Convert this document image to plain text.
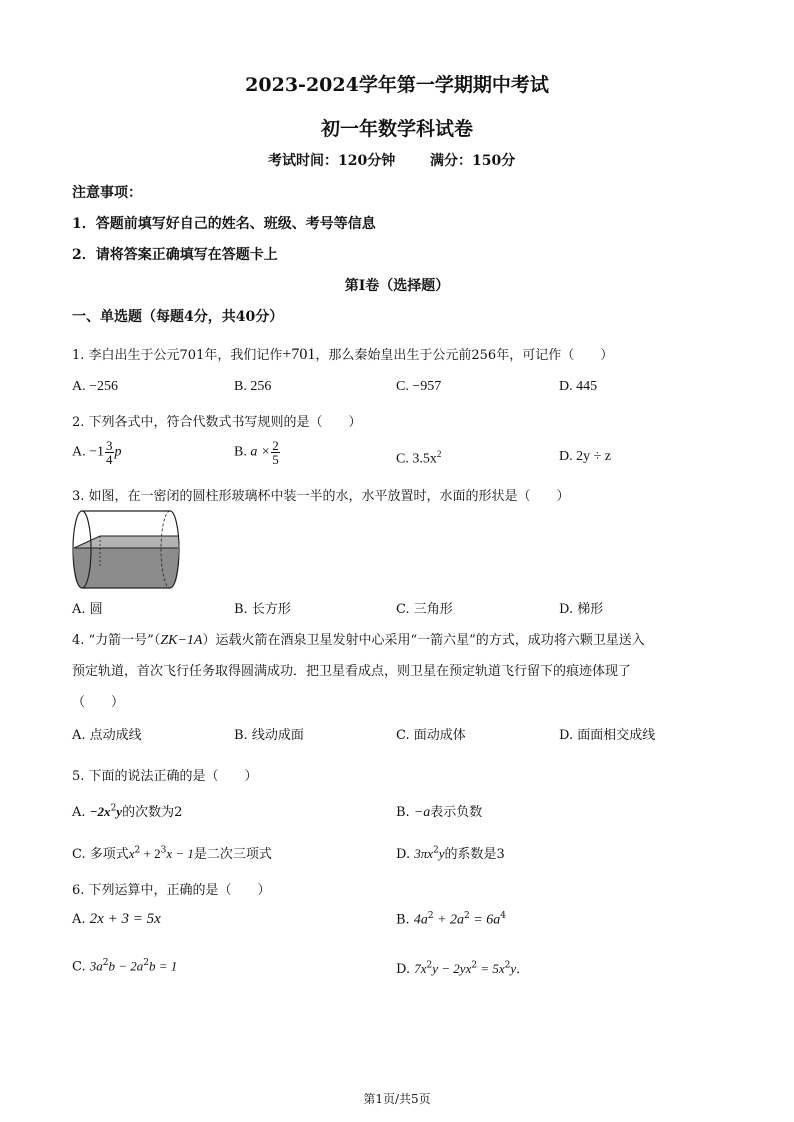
2023-2024学年第一学期期中考试
初一年数学科试卷
考试时间：120分钟 满分：150分
注意事项：
1．答题前填写好自己的姓名、班级、考号等信息
2．请将答案正确填写在答题卡上
第I卷（选择题）
一、单选题（每题4分，共40分）
1. 李白出生于公元701年，我们记作+701，那么秦始皇出生于公元前256年，可记作（　　）
A. −256	B. 256	C. −957	D. 445
2. 下列各式中，符合代数式书写规则的是（　　）
A. $-1 \frac{3}{4}$ p	B. $a \times \frac{2}{5}$	C. $3.5x^2$	D. 2y ÷ z
3. 如图，在一密闭的圆柱形玻璃杯中装一半的水，水平放置时，水面的形状是（　　）
A. 圆	B. 长方形	C. 三角形	D. 梯形
4. “力箭一号”（ZK−1A）运载火箭在酒泉卫星发射中心采用“一箭六星”的方式，成功将六颗卫星送入
预定轨道，首次飞行任务取得圆满成功．把卫星看成点，则卫星在预定轨道飞行留下的痕迹体现了
（　　）
A. 点动成线	B. 线动成面	C. 面动成体	D. 面面相交成线
5. 下面的说法正确的是（　　）
A. $-2x^2y$的次数为2	B. −a表示负数
C. 多项式$x^2 + 2^3x - 1$是二次三项式	D. $3\pi x^2y$的系数是3
6. 下列运算中，正确的是（　　）
A. 2x + 3 = 5x	B. $4a^2 + 2a^2 = 6a^4$
C. $3a^2b - 2a^2b = 1$	D. $7x^2y - 2yx^2 = 5x^2y$．
第1页/共5页
